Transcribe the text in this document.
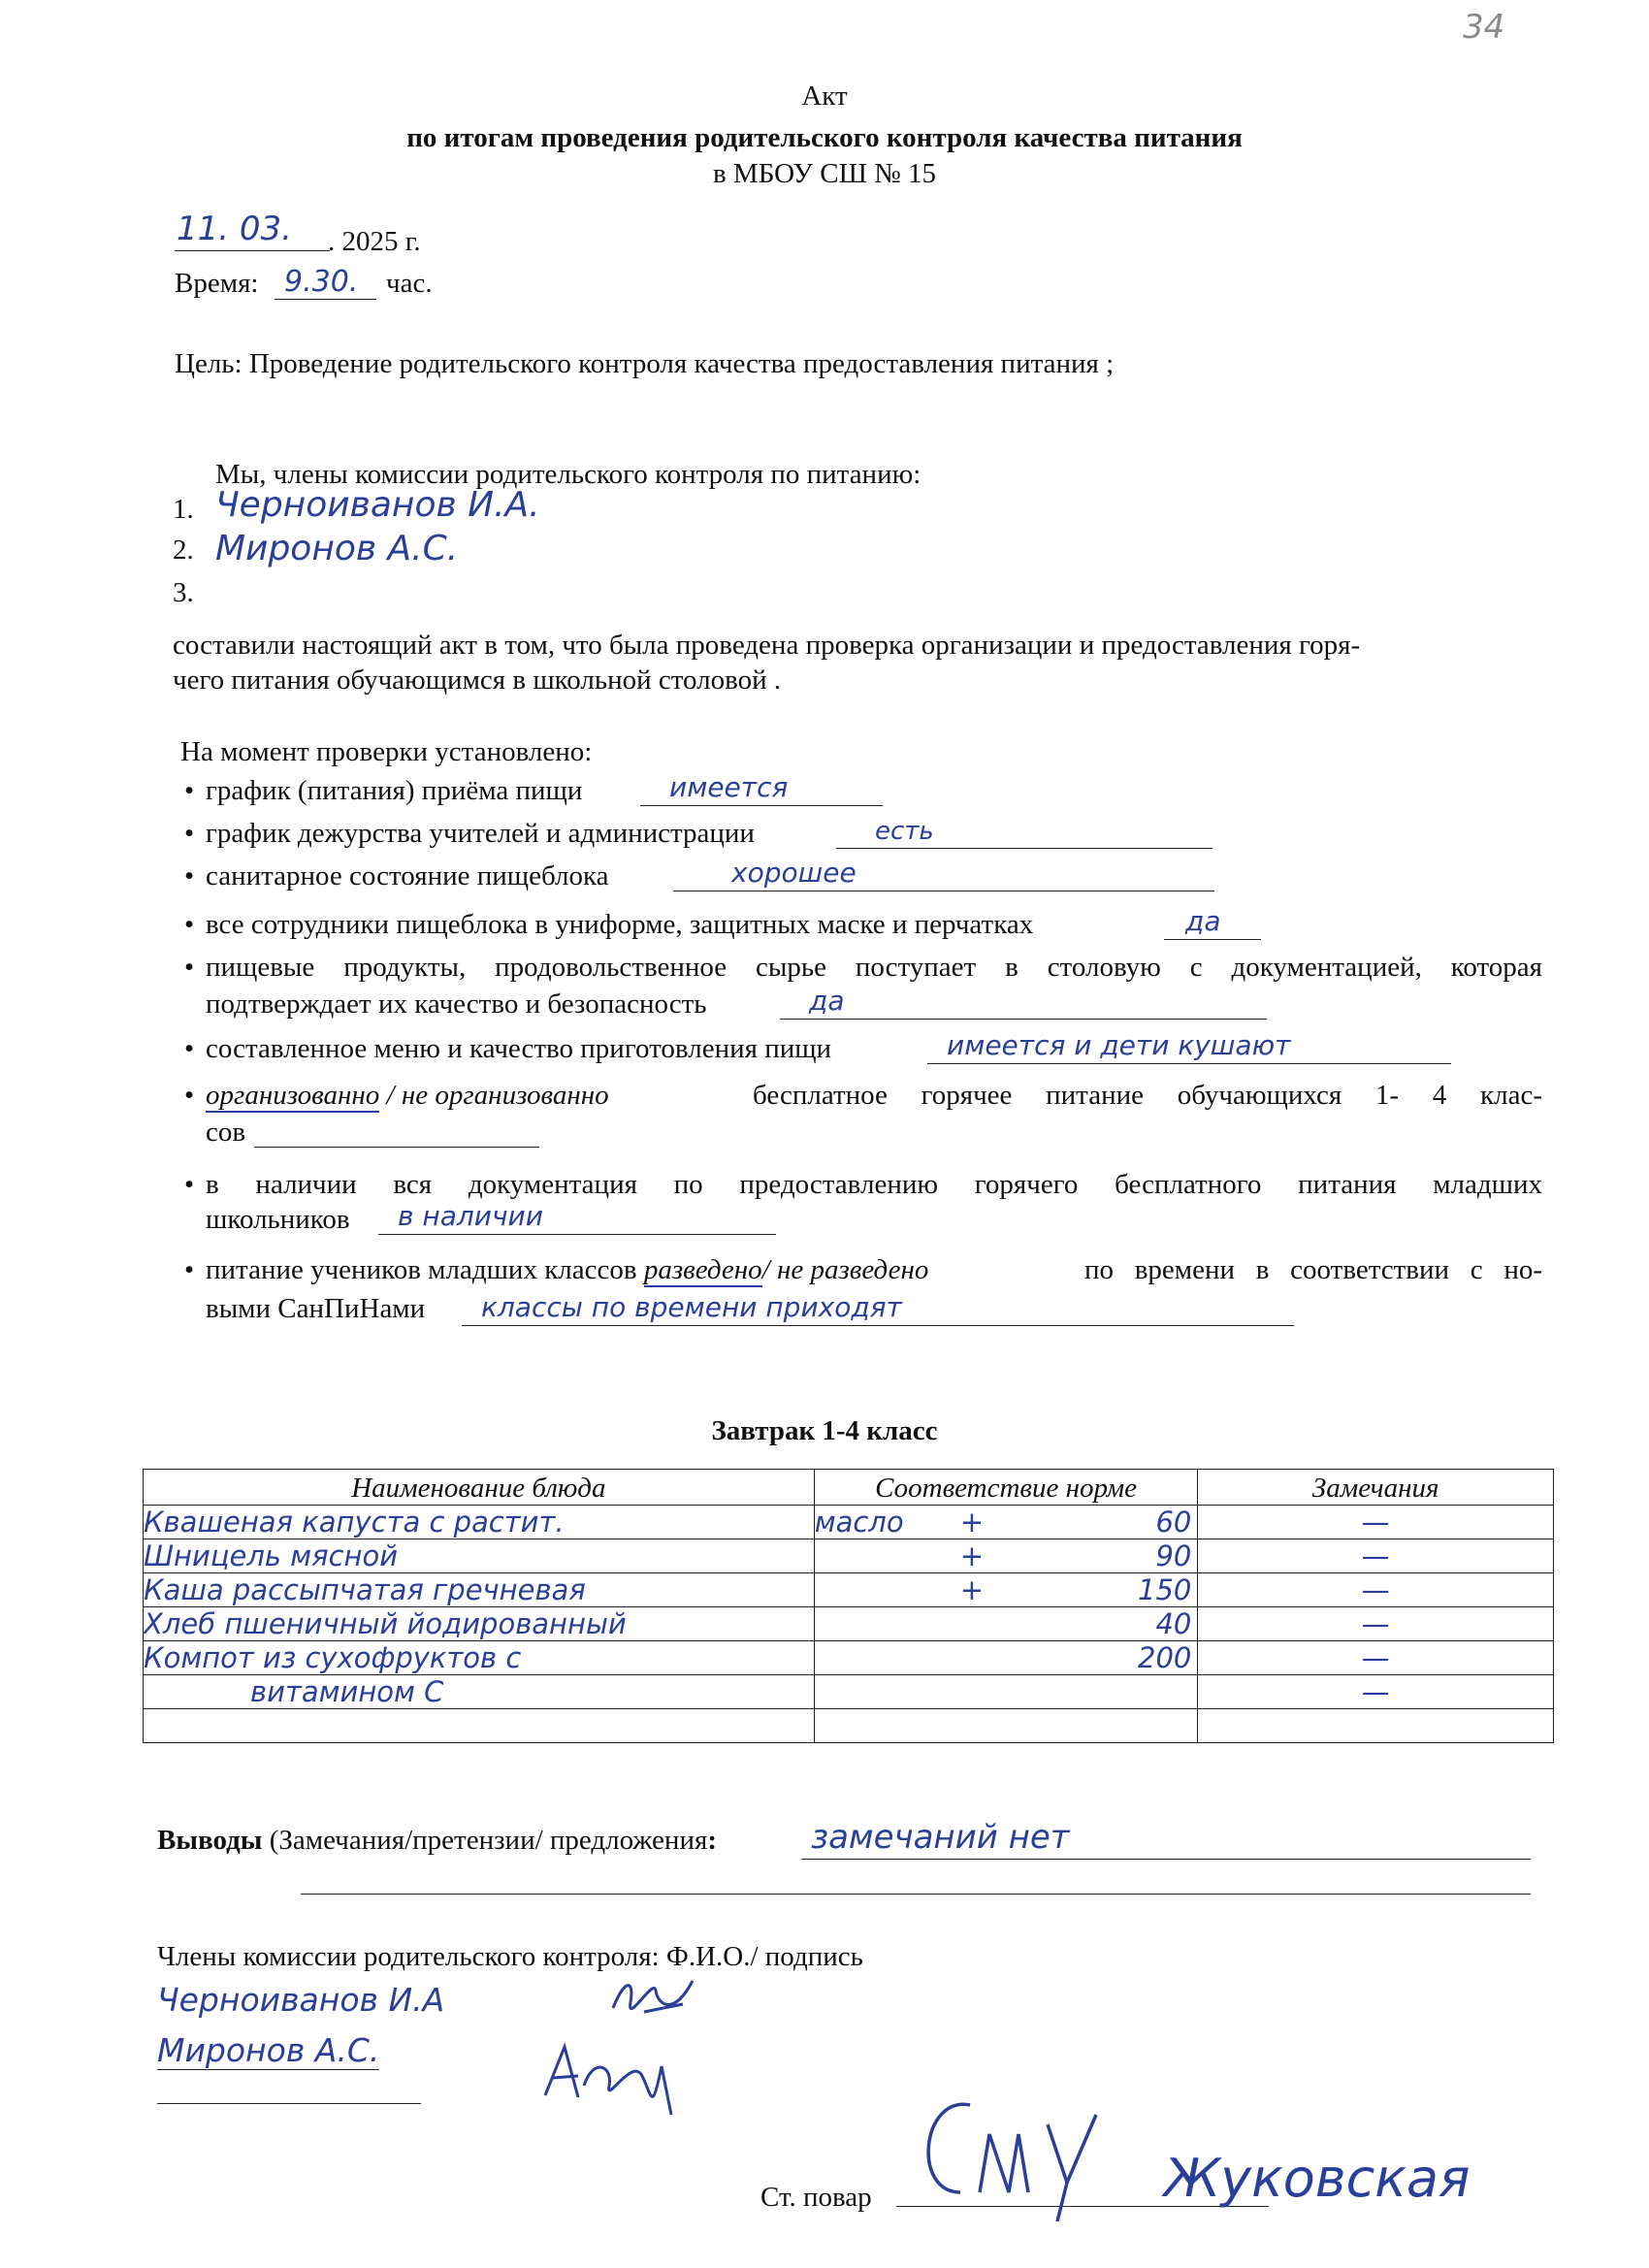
34
Акт
по итогам проведения родительского контроля качества питания
в МБОУ СШ № 15
11. 03. . 2025 г.
Время: 9.30. час.
Цель: Проведение родительского контроля качества предоставления питания ;
Мы, члены комиссии родительского контроля по питанию:
1. Черноиванов И.А.
2. Миронов А.С.
3.
составили настоящий акт в том, что была проведена проверка организации и предоставления горя-
чего питания обучающимся в школьной столовой .
На момент проверки установлено:
• график (питания) приёма пищи	имеется
• график дежурства учителей и администрации	есть
• санитарное состояние пищеблока	хорошее
• все сотрудники пищеблока в униформе, защитных маске и перчатках	да
• пищевые продукты, продовольственное сырье поступает в столовую с документацией, которая
подтверждает их качество и безопасность	да
• составленное меню и качество приготовления пищи	имеется и дети кушают
• организованно / не организованно	бесплатное горячее питание обучающихся 1- 4 клас-
сов
• в наличии вся документация по предоставлению горячего бесплатного питания младших
школьников в наличии
• питание учеников младших классов разведено/ не разведено	по времени в соответствии с но-
выми СанПиНами классы по времени приходят
Завтрак 1-4 класс
Наименование блюда	Соответствие норме	Замечания
Квашеная капуста с растит.	масло + 60	—
Шницель мясной	+ 90	—
Каша рассыпчатая гречневая	+ 150	—
Хлеб пшеничный йодированный	40	—
Компот из сухофруктов с	200	—
витамином С		—

Выводы (Замечания/претензии/ предложения:	замечаний нет
Члены комиссии родительского контроля: Ф.И.О./ подпись
Черноиванов И.А
Миронов А.С.
Ст. повар	Жуковская
